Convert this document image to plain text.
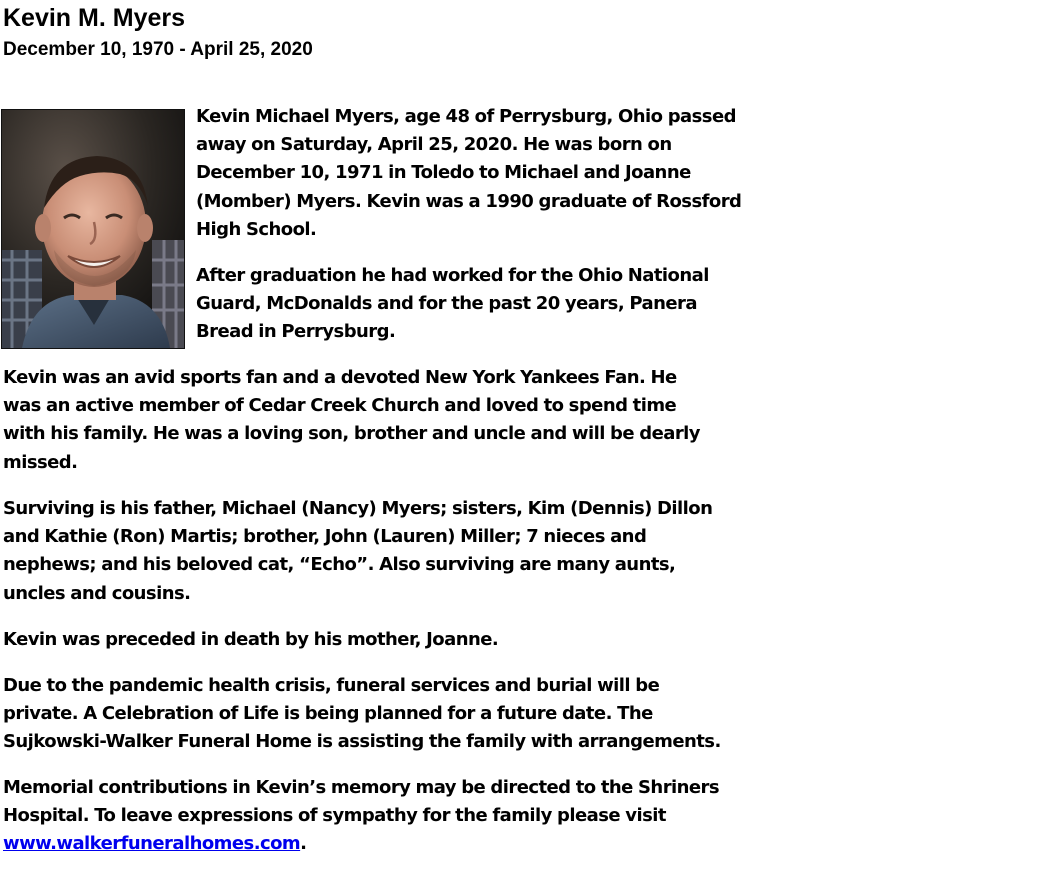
Kevin M. Myers
December 10, 1970 - April 25, 2020
Kevin Michael Myers, age 48 of Perrysburg, Ohio passed
away on Saturday, April 25, 2020. He was born on
December 10, 1971 in Toledo to Michael and Joanne
(Momber) Myers. Kevin was a 1990 graduate of Rossford
High School.
After graduation he had worked for the Ohio National
Guard, McDonalds and for the past 20 years, Panera
Bread in Perrysburg.
Kevin was an avid sports fan and a devoted New York Yankees Fan. He
was an active member of Cedar Creek Church and loved to spend time
with his family. He was a loving son, brother and uncle and will be dearly
missed.
Surviving is his father, Michael (Nancy) Myers; sisters, Kim (Dennis) Dillon
and Kathie (Ron) Martis; brother, John (Lauren) Miller; 7 nieces and
nephews; and his beloved cat, “Echo”. Also surviving are many aunts,
uncles and cousins.
Kevin was preceded in death by his mother, Joanne.
Due to the pandemic health crisis, funeral services and burial will be
private. A Celebration of Life is being planned for a future date. The
Sujkowski-Walker Funeral Home is assisting the family with arrangements.
Memorial contributions in Kevin’s memory may be directed to the Shriners
Hospital. To leave expressions of sympathy for the family please visit
www.walkerfuneralhomes.com.
